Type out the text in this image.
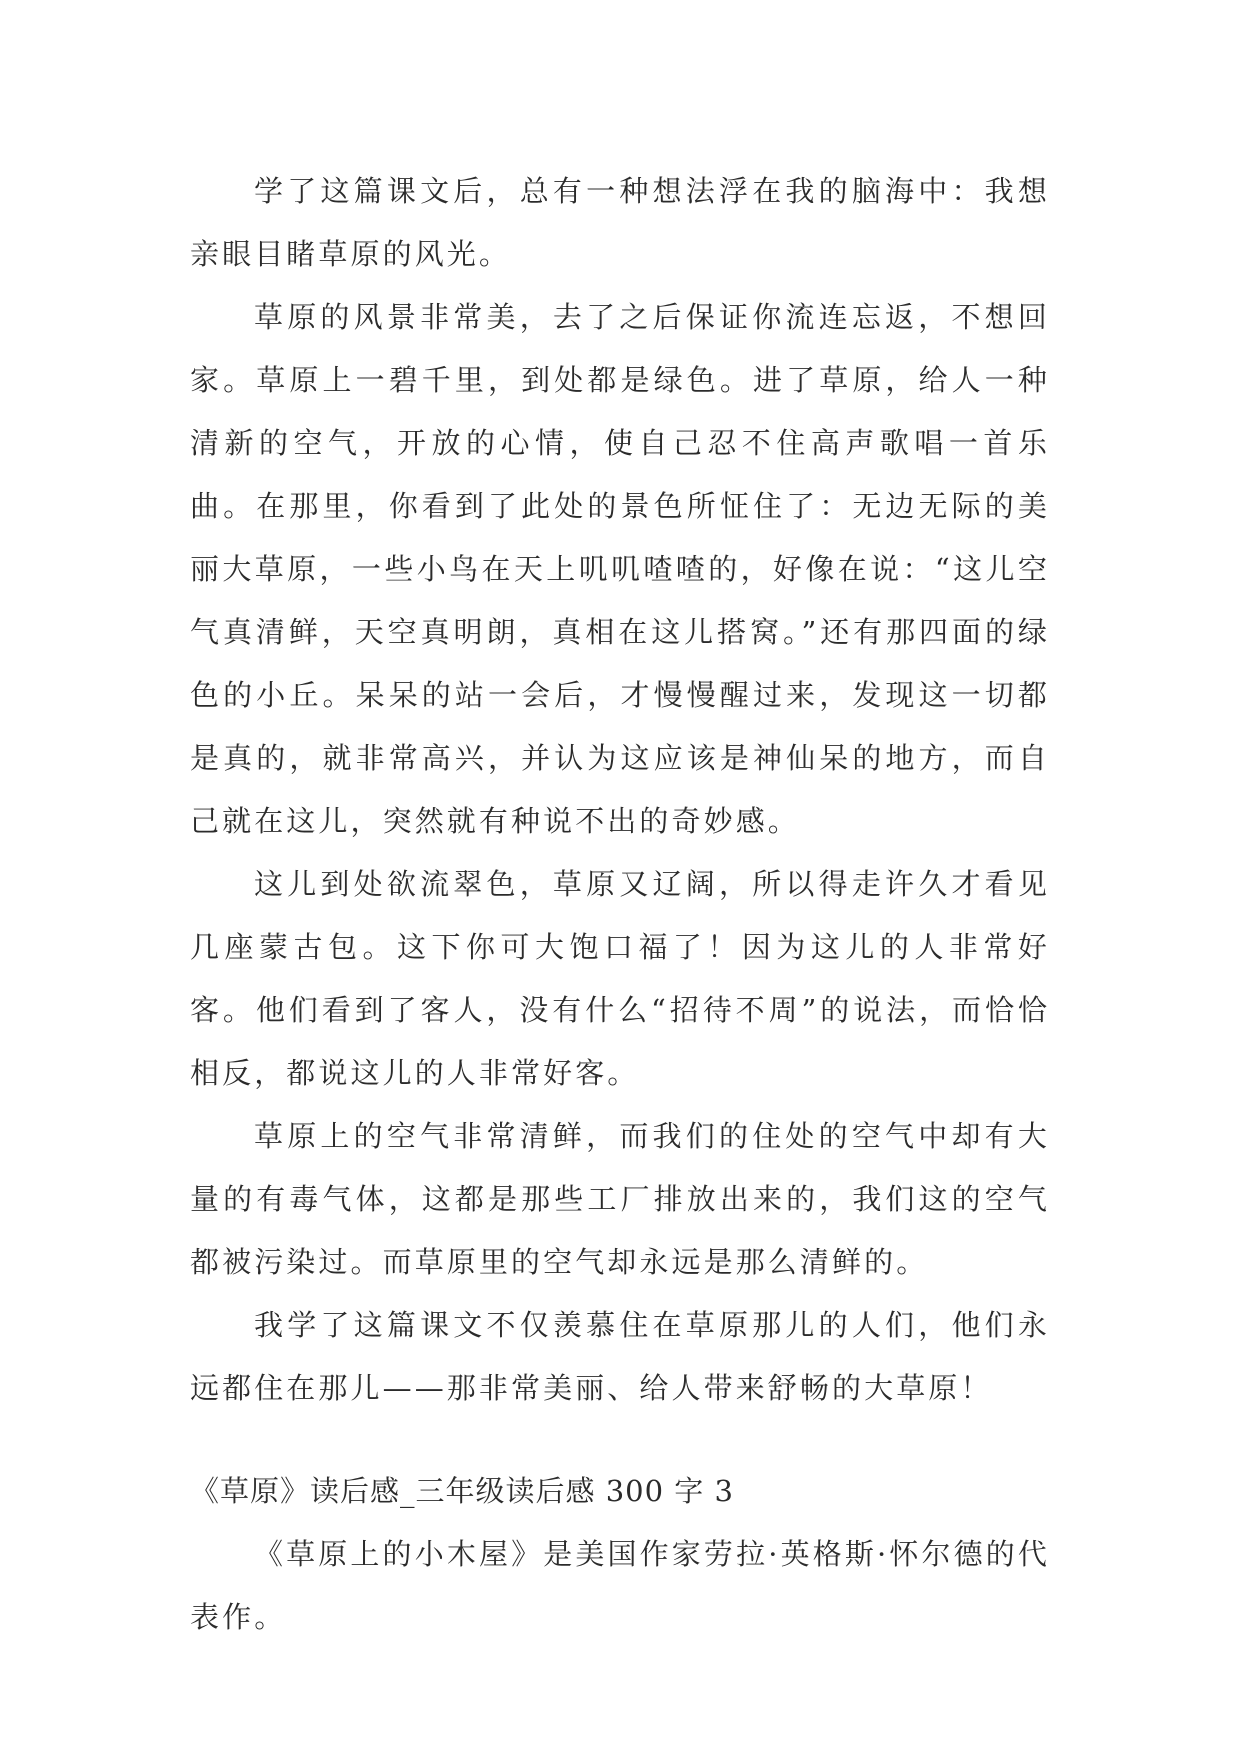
学了这篇课文后，总有一种想法浮在我的脑海中：我想亲眼目睹草原的风光。

草原的风景非常美，去了之后保证你流连忘返，不想回家。草原上一碧千里，到处都是绿色。进了草原，给人一种清新的空气，开放的心情，使自己忍不住高声歌唱一首乐曲。在那里，你看到了此处的景色所怔住了：无边无际的美丽大草原，一些小鸟在天上叽叽喳喳的，好像在说：“这儿空气真清鲜，天空真明朗，真相在这儿搭窝。”还有那四面的绿色的小丘。呆呆的站一会后，才慢慢醒过来，发现这一切都是真的，就非常高兴，并认为这应该是神仙呆的地方，而自己就在这儿，突然就有种说不出的奇妙感。

这儿到处欲流翠色，草原又辽阔，所以得走许久才看见几座蒙古包。这下你可大饱口福了！因为这儿的人非常好客。他们看到了客人，没有什么“招待不周”的说法，而恰恰相反，都说这儿的人非常好客。

草原上的空气非常清鲜，而我们的住处的空气中却有大量的有毒气体，这都是那些工厂排放出来的，我们这的空气都被污染过。而草原里的空气却永远是那么清鲜的。

我学了这篇课文不仅羡慕住在草原那儿的人们，他们永远都住在那儿——那非常美丽、给人带来舒畅的大草原！

《草原》读后感_三年级读后感 300 字 3

《草原上的小木屋》是美国作家劳拉·英格斯·怀尔德的代表作。
